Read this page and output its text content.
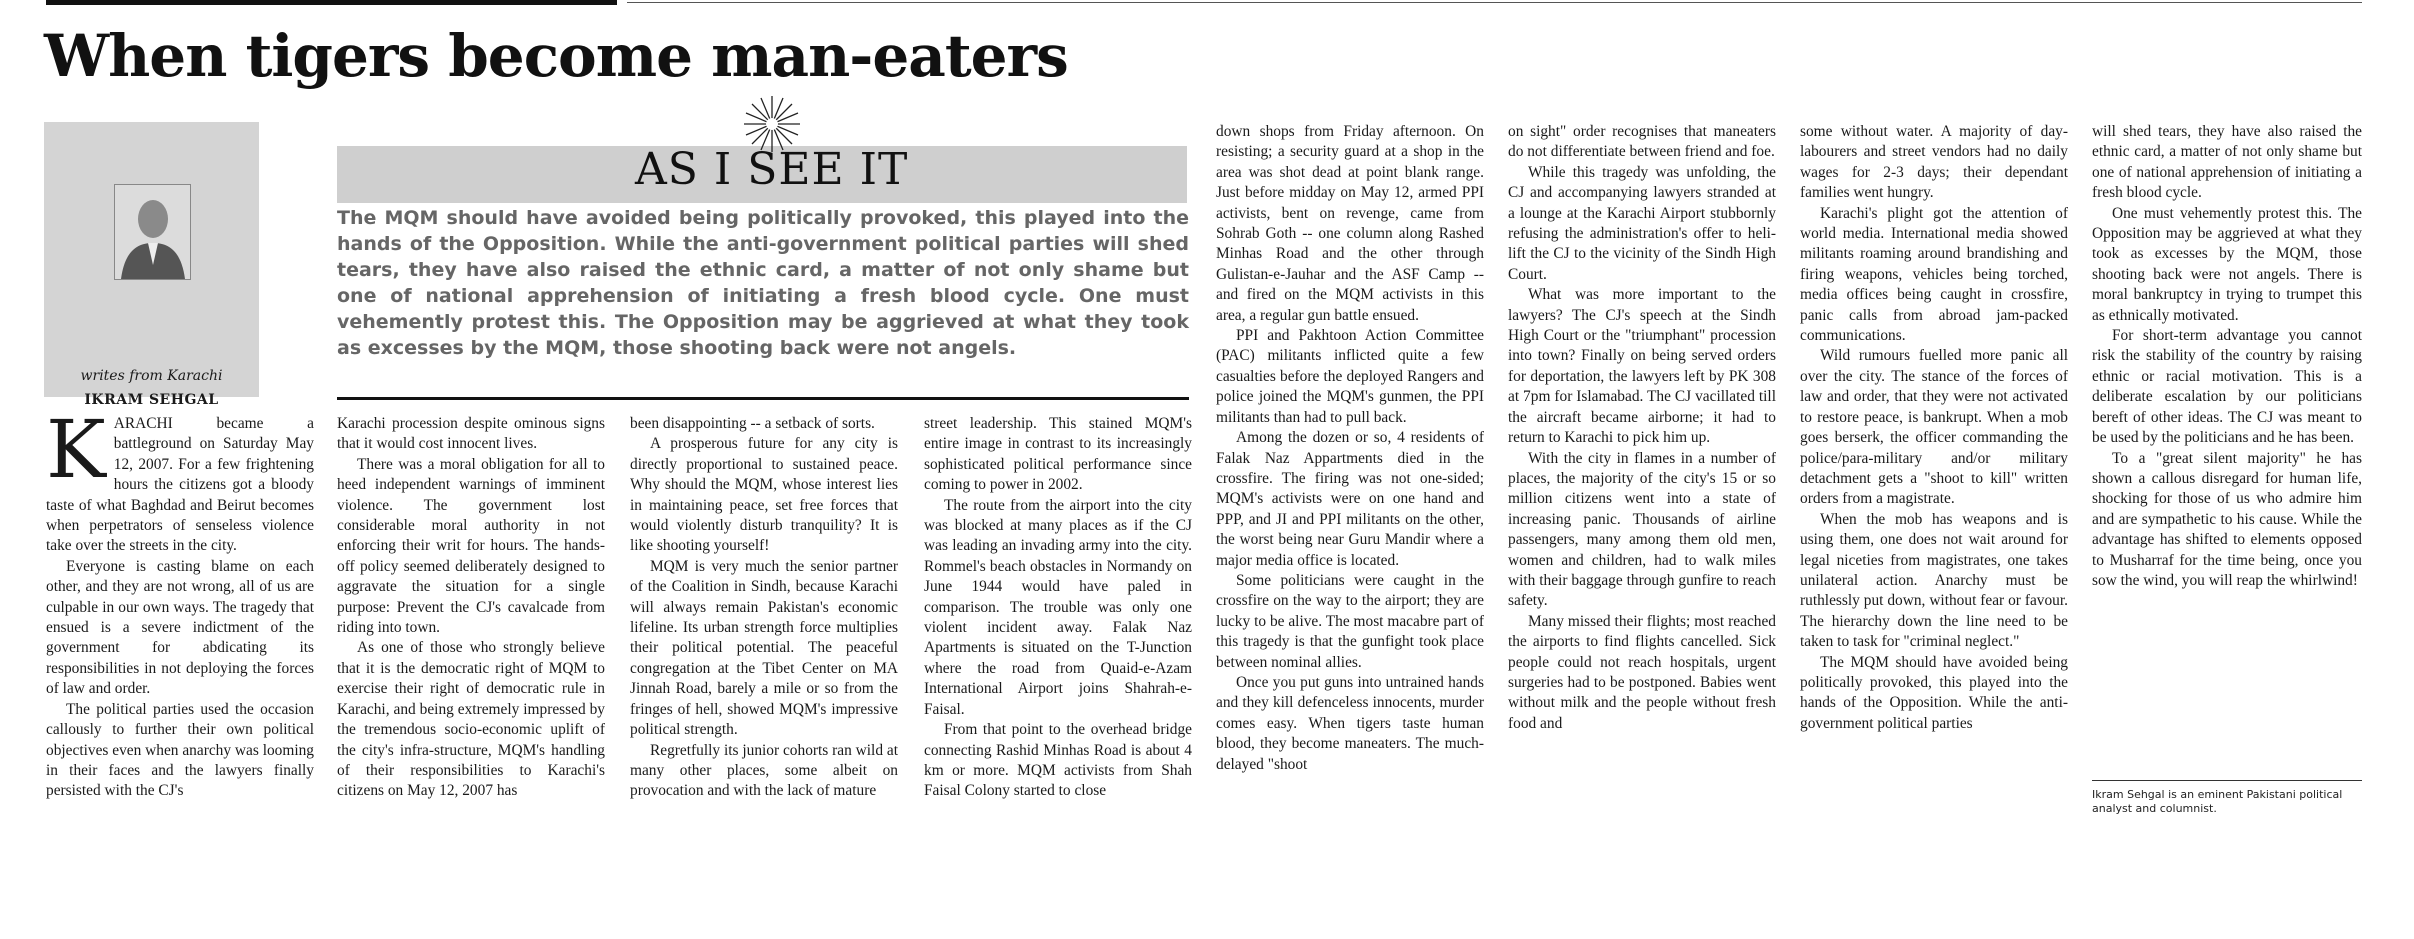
When tigers become man-eaters
IKRAM SEHGAL
writes from Karachi
AS I SEE IT

The MQM should have avoided being politically provoked, this played into the hands of the Opposition. While the anti-government political parties will shed tears, they have also raised the ethnic card, a matter of not only shame but one of national apprehension of initiating a fresh blood cycle. One must vehemently protest this. The Opposition may be aggrieved at what they took as excesses by the MQM, those shooting back were not angels.

KARACHI became a battleground on Saturday May 12, 2007. For a few frightening hours the citizens got a bloody taste of what Baghdad and Beirut becomes when perpetrators of senseless violence take over the streets in the city.

Everyone is casting blame on each other, and they are not wrong, all of us are culpable in our own ways. The tragedy that ensued is a severe indictment of the government for abdicating its responsibilities in not deploying the forces of law and order.

The political parties used the occasion callously to further their own political objectives even when anarchy was looming in their faces and the lawyers finally persisted with the CJ's

Karachi procession despite ominous signs that it would cost innocent lives.

There was a moral obligation for all to heed independent warnings of imminent violence. The government lost considerable moral authority in not enforcing their writ for hours. The hands-off policy seemed deliberately designed to aggravate the situation for a single purpose: Prevent the CJ's cavalcade from riding into town.

As one of those who strongly believe that it is the democratic right of MQM to exercise their right of democratic rule in Karachi, and being extremely impressed by the tremendous socio-economic uplift of the city's infra-structure, MQM's handling of their responsibilities to Karachi's citizens on May 12, 2007 has

been disappointing -- a setback of sorts.

A prosperous future for any city is directly proportional to sustained peace. Why should the MQM, whose interest lies in maintaining peace, set free forces that would violently disturb tranquility? It is like shooting yourself!

MQM is very much the senior partner of the Coalition in Sindh, because Karachi will always remain Pakistan's economic lifeline. Its urban strength force multiplies their political potential. The peaceful congregation at the Tibet Center on MA Jinnah Road, barely a mile or so from the fringes of hell, showed MQM's impressive political strength.

Regretfully its junior cohorts ran wild at many other places, some albeit on provocation and with the lack of mature

street leadership. This stained MQM's entire image in contrast to its increasingly sophisticated political performance since coming to power in 2002.

The route from the airport into the city was blocked at many places as if the CJ was leading an invading army into the city. Rommel's beach obstacles in Normandy on June 1944 would have paled in comparison. The trouble was only one violent incident away. Falak Naz Apartments is situated on the T-Junction where the road from Quaid-e-Azam International Airport joins Shahrah-e-Faisal.

From that point to the overhead bridge connecting Rashid Minhas Road is about 4 km or more. MQM activists from Shah Faisal Colony started to close

down shops from Friday afternoon. On resisting; a security guard at a shop in the area was shot dead at point blank range. Just before midday on May 12, armed PPI activists, bent on revenge, came from Sohrab Goth -- one column along Rashed Minhas Road and the other through Gulistan-e-Jauhar and the ASF Camp -- and fired on the MQM activists in this area, a regular gun battle ensued.

PPI and Pakhtoon Action Committee (PAC) militants inflicted quite a few casualties before the deployed Rangers and police joined the MQM's gunmen, the PPI militants than had to pull back.

Among the dozen or so, 4 residents of Falak Naz Appartments died in the crossfire. The firing was not one-sided; MQM's activists were on one hand and PPP, and JI and PPI militants on the other, the worst being near Guru Mandir where a major media office is located.

Some politicians were caught in the crossfire on the way to the airport; they are lucky to be alive. The most macabre part of this tragedy is that the gunfight took place between nominal allies.

Once you put guns into untrained hands and they kill defenceless innocents, murder comes easy. When tigers taste human blood, they become maneaters. The much-delayed "shoot

on sight" order recognises that maneaters do not differentiate between friend and foe.

While this tragedy was unfolding, the CJ and accompanying lawyers stranded at a lounge at the Karachi Airport stubbornly refusing the administration's offer to heli-lift the CJ to the vicinity of the Sindh High Court.

What was more important to the lawyers? The CJ's speech at the Sindh High Court or the "triumphant" procession into town? Finally on being served orders for deportation, the lawyers left by PK 308 at 7pm for Islamabad. The CJ vacillated till the aircraft became airborne; it had to return to Karachi to pick him up.

With the city in flames in a number of places, the majority of the city's 15 or so million citizens went into a state of increasing panic. Thousands of airline passengers, many among them old men, women and children, had to walk miles with their baggage through gunfire to reach safety.

Many missed their flights; most reached the airports to find flights cancelled. Sick people could not reach hospitals, urgent surgeries had to be postponed. Babies went without milk and the people without fresh food and

some without water. A majority of day-labourers and street vendors had no daily wages for 2-3 days; their dependant families went hungry.

Karachi's plight got the attention of world media. International media showed militants roaming around brandishing and firing weapons, vehicles being torched, media offices being caught in crossfire, panic calls from abroad jam-packed communications.

Wild rumours fuelled more panic all over the city. The stance of the forces of law and order, that they were not activated to restore peace, is bankrupt. When a mob goes berserk, the officer commanding the police/para-military and/or military detachment gets a "shoot to kill" written orders from a magistrate.

When the mob has weapons and is using them, one does not wait around for legal niceties from magistrates, one takes unilateral action. Anarchy must be ruthlessly put down, without fear or favour. The hierarchy down the line need to be taken to task for "criminal neglect."

The MQM should have avoided being politically provoked, this played into the hands of the Opposition. While the anti-government political parties

will shed tears, they have also raised the ethnic card, a matter of not only shame but one of national apprehension of initiating a fresh blood cycle.

One must vehemently protest this. The Opposition may be aggrieved at what they took as excesses by the MQM, those shooting back were not angels. There is moral bankruptcy in trying to trumpet this as ethnically motivated.

For short-term advantage you cannot risk the stability of the country by raising ethnic or racial motivation. This is a deliberate escalation by our politicians bereft of other ideas. The CJ was meant to be used by the politicians and he has been.

To a "great silent majority" he has shown a callous disregard for human life, shocking for those of us who admire him and are sympathetic to his cause. While the advantage has shifted to elements opposed to Musharraf for the time being, once you sow the wind, you will reap the whirlwind!

Ikram Sehgal is an eminent Pakistani political analyst and columnist.
